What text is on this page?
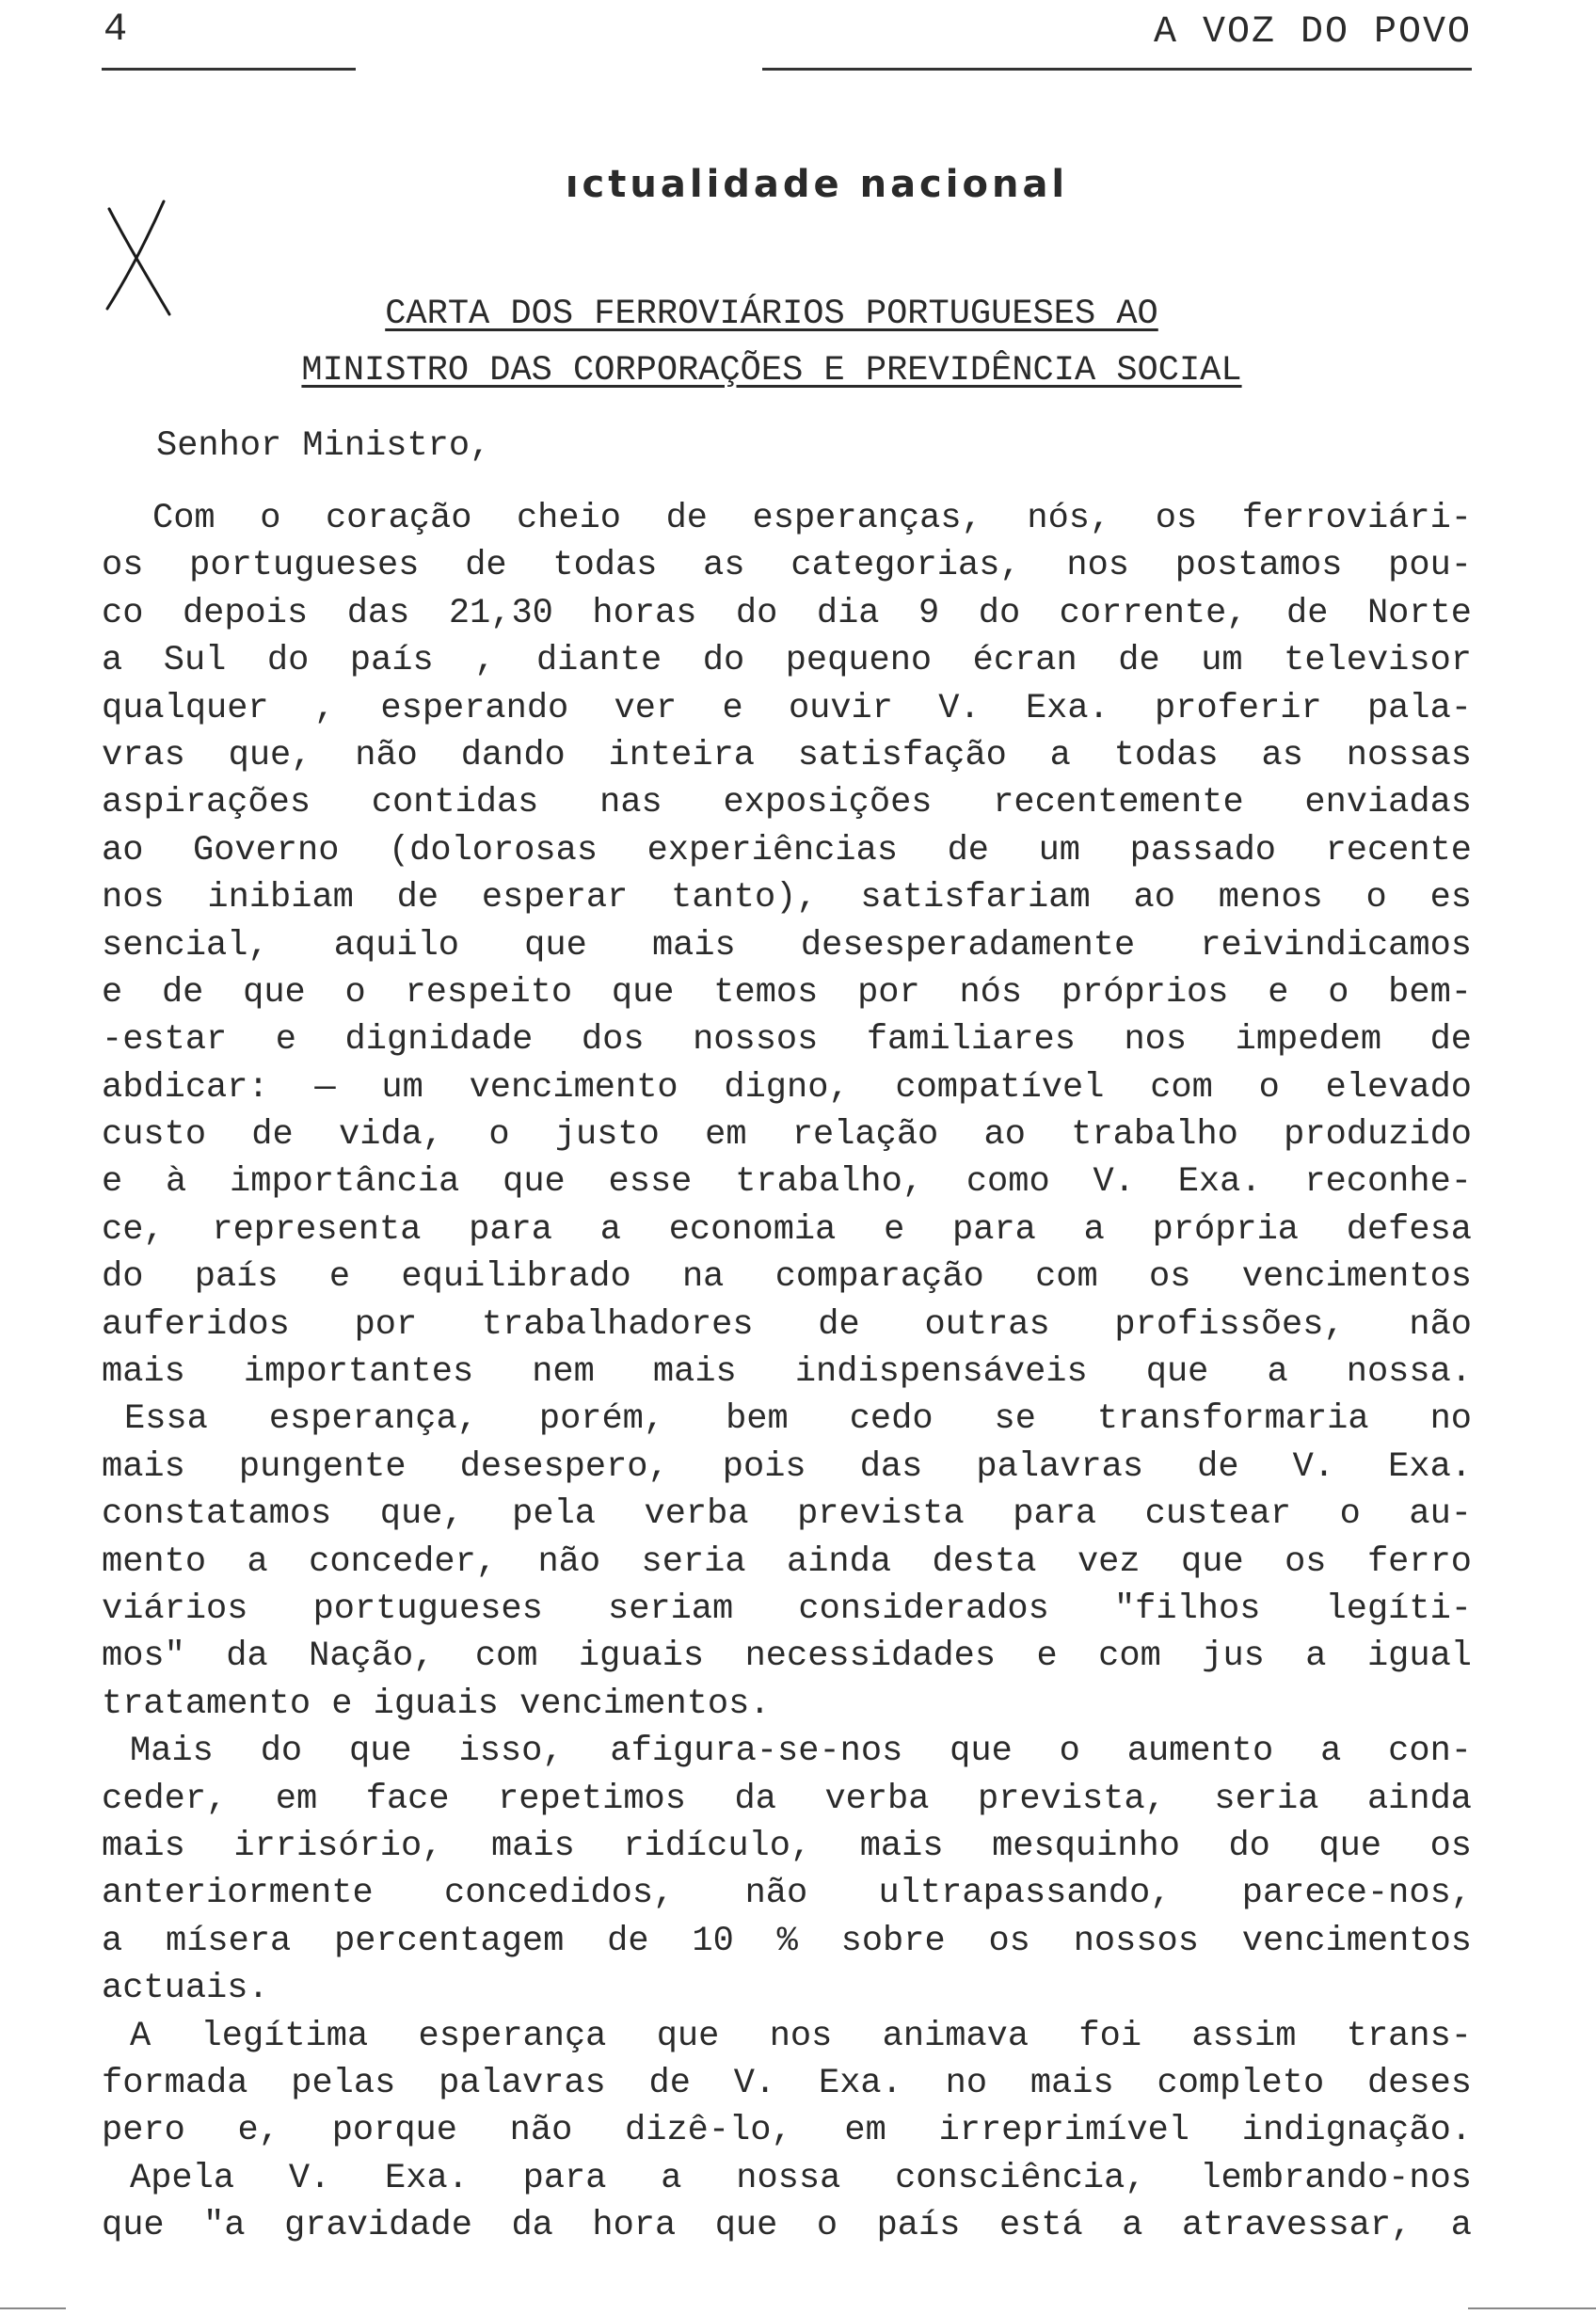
4	A VOZ DO POVO
ıctualidade nacional
CARTA DOS FERROVIÁRIOS PORTUGUESES AO
MINISTRO DAS CORPORAÇÕES E PREVIDÊNCIA SOCIAL
Senhor Ministro,
Com o coração cheio de esperanças, nós, os ferroviári-
os portugueses de todas as categorias, nos postamos pou-
co depois das 21,30 horas do dia 9 do corrente, de Norte
a Sul do país , diante do pequeno écran de um televisor
qualquer , esperando ver e ouvir V. Exa. proferir pala-
vras que, não dando inteira satisfação a todas as nossas
aspirações contidas nas exposições recentemente enviadas
ao Governo (dolorosas experiências de um passado recente
nos inibiam de esperar tanto), satisfariam ao menos o es
sencial, aquilo que mais desesperadamente reivindicamos
e de que o respeito que temos por nós próprios e o bem-
-estar e dignidade dos nossos familiares nos impedem de
abdicar: — um vencimento digno, compatível com o elevado
custo de vida, o justo em relação ao trabalho produzido
e à importância que esse trabalho, como V. Exa. reconhe-
ce, representa para a economia e para a própria defesa
do país e equilibrado na comparação com os vencimentos
auferidos por trabalhadores de outras profissões, não
mais importantes nem mais indispensáveis que a nossa.
Essa esperança, porém, bem cedo se transformaria no
mais pungente desespero, pois das palavras de V. Exa.
constatamos que, pela verba prevista para custear o au-
mento a conceder, não seria ainda desta vez que os ferro
viários portugueses seriam considerados "filhos legíti-
mos" da Nação, com iguais necessidades e com jus a igual
tratamento e iguais vencimentos.
Mais do que isso, afigura-se-nos que o aumento a con-
ceder, em face repetimos da verba prevista, seria ainda
mais irrisório, mais ridículo, mais mesquinho do que os
anteriormente concedidos, não ultrapassando, parece-nos,
a mísera percentagem de 10 % sobre os nossos vencimentos
actuais.
A legítima esperança que nos animava foi assim trans-
formada pelas palavras de V. Exa. no mais completo deses
pero e, porque não dizê-lo, em irreprimível indignação.
Apela V. Exa. para a nossa consciência, lembrando-nos
que "a gravidade da hora que o país está a atravessar, a
